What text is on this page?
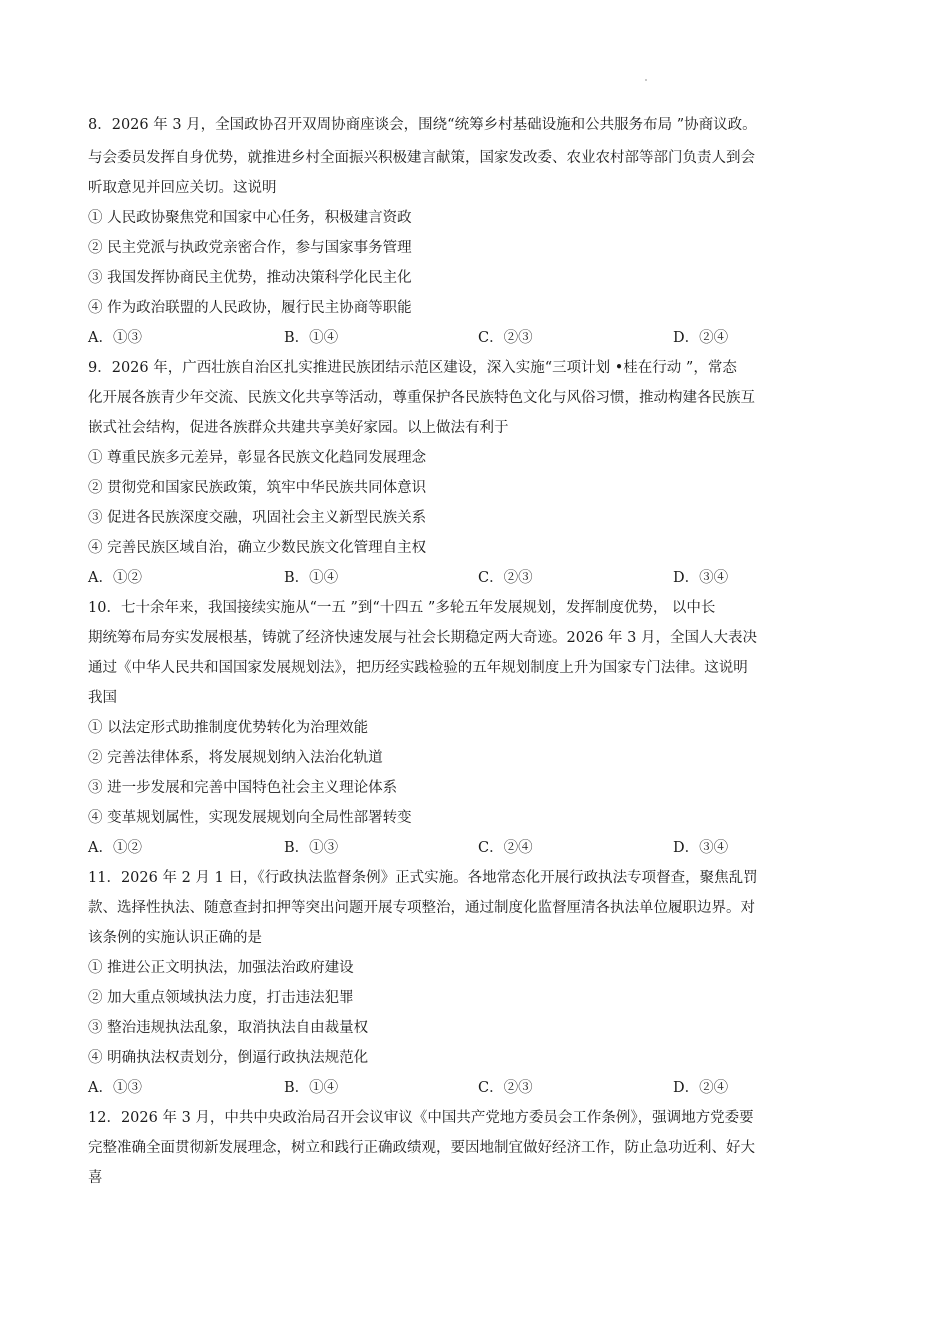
8．2026 年 3 月，全国政协召开双周协商座谈会，围绕“统筹乡村基础设施和公共服务布局 ”协商议政。

与会委员发挥自身优势，就推进乡村全面振兴积极建言献策，国家发改委、农业农村部等部门负责人到会

听取意见并回应关切。这说明

① 人民政协聚焦党和国家中心任务，积极建言资政

② 民主党派与执政党亲密合作，参与国家事务管理

③ 我国发挥协商民主优势，推动决策科学化民主化

④ 作为政治联盟的人民政协，履行民主协商等职能

A．①③	B．①④	C．②③	D．②④

9．2026 年，广西壮族自治区扎实推进民族团结示范区建设，深入实施“三项计划 •桂在行动 ”，常态

化开展各族青少年交流、民族文化共享等活动，尊重保护各民族特色文化与风俗习惯，推动构建各民族互

嵌式社会结构，促进各族群众共建共享美好家园。以上做法有利于

① 尊重民族多元差异，彰显各民族文化趋同发展理念

② 贯彻党和国家民族政策，筑牢中华民族共同体意识

③ 促进各民族深度交融，巩固社会主义新型民族关系

④ 完善民族区域自治，确立少数民族文化管理自主权

A．①②	B．①④	C．②③	D．③④

10．七十余年来，我国接续实施从“一五 ”到“十四五 ”多轮五年发展规划，发挥制度优势， 以中长

期统筹布局夯实发展根基，铸就了经济快速发展与社会长期稳定两大奇迹。2026 年 3 月，全国人大表决

通过《中华人民共和国国家发展规划法》，把历经实践检验的五年规划制度上升为国家专门法律。这说明

我国

① 以法定形式助推制度优势转化为治理效能

② 完善法律体系，将发展规划纳入法治化轨道

③ 进一步发展和完善中国特色社会主义理论体系

④ 变革规划属性，实现发展规划向全局性部署转变

A．①②	B．①③	C．②④	D．③④

11．2026 年 2 月 1 日，《行政执法监督条例》正式实施。各地常态化开展行政执法专项督查，聚焦乱罚

款、选择性执法、随意查封扣押等突出问题开展专项整治，通过制度化监督厘清各执法单位履职边界。对

该条例的实施认识正确的是

① 推进公正文明执法，加强法治政府建设

② 加大重点领域执法力度，打击违法犯罪

③ 整治违规执法乱象，取消执法自由裁量权

④ 明确执法权责划分，倒逼行政执法规范化

A．①③	B．①④	C．②③	D．②④

12．2026 年 3 月，中共中央政治局召开会议审议《中国共产党地方委员会工作条例》，强调地方党委要

完整准确全面贯彻新发展理念，树立和践行正确政绩观，要因地制宜做好经济工作，防止急功近利、好大

喜
